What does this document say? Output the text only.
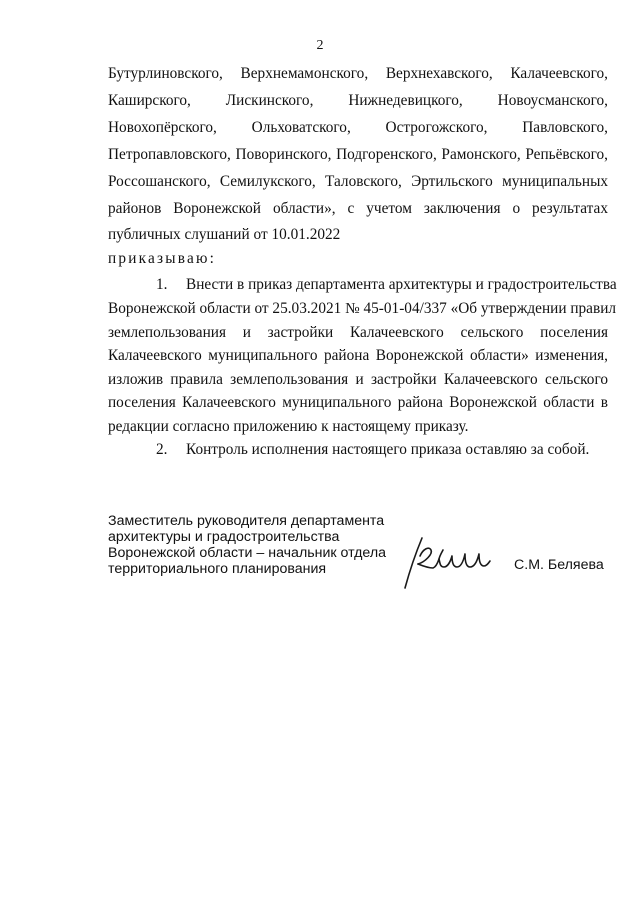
2
Бутурлиновского, Верхнемамонского, Верхнехавского, Калачеевского,
Каширского, Лискинского, Нижнедевицкого, Новоусманского,
Новохопёрского, Ольховатского, Острогожского, Павловского,
Петропавловского, Поворинского, Подгоренского, Рамонского, Репьёвского,
Россошанского, Семилукского, Таловского, Эртильского муниципальных
районов Воронежской области», с учетом заключения о результатах
публичных слушаний от 10.01.2022
приказываю:
1. Внести в приказ департамента архитектуры и градостроительства
Воронежской области от 25.03.2021 № 45-01-04/337 «Об утверждении правил
землепользования и застройки Калачеевского сельского поселения
Калачеевского муниципального района Воронежской области» изменения,
изложив правила землепользования и застройки Калачеевского сельского
поселения Калачеевского муниципального района Воронежской области в
редакции согласно приложению к настоящему приказу.
2. Контроль исполнения настоящего приказа оставляю за собой.
Заместитель руководителя департамента
архитектуры и градостроительства
Воронежской области – начальник отдела
территориального планирования	С.М. Беляева
